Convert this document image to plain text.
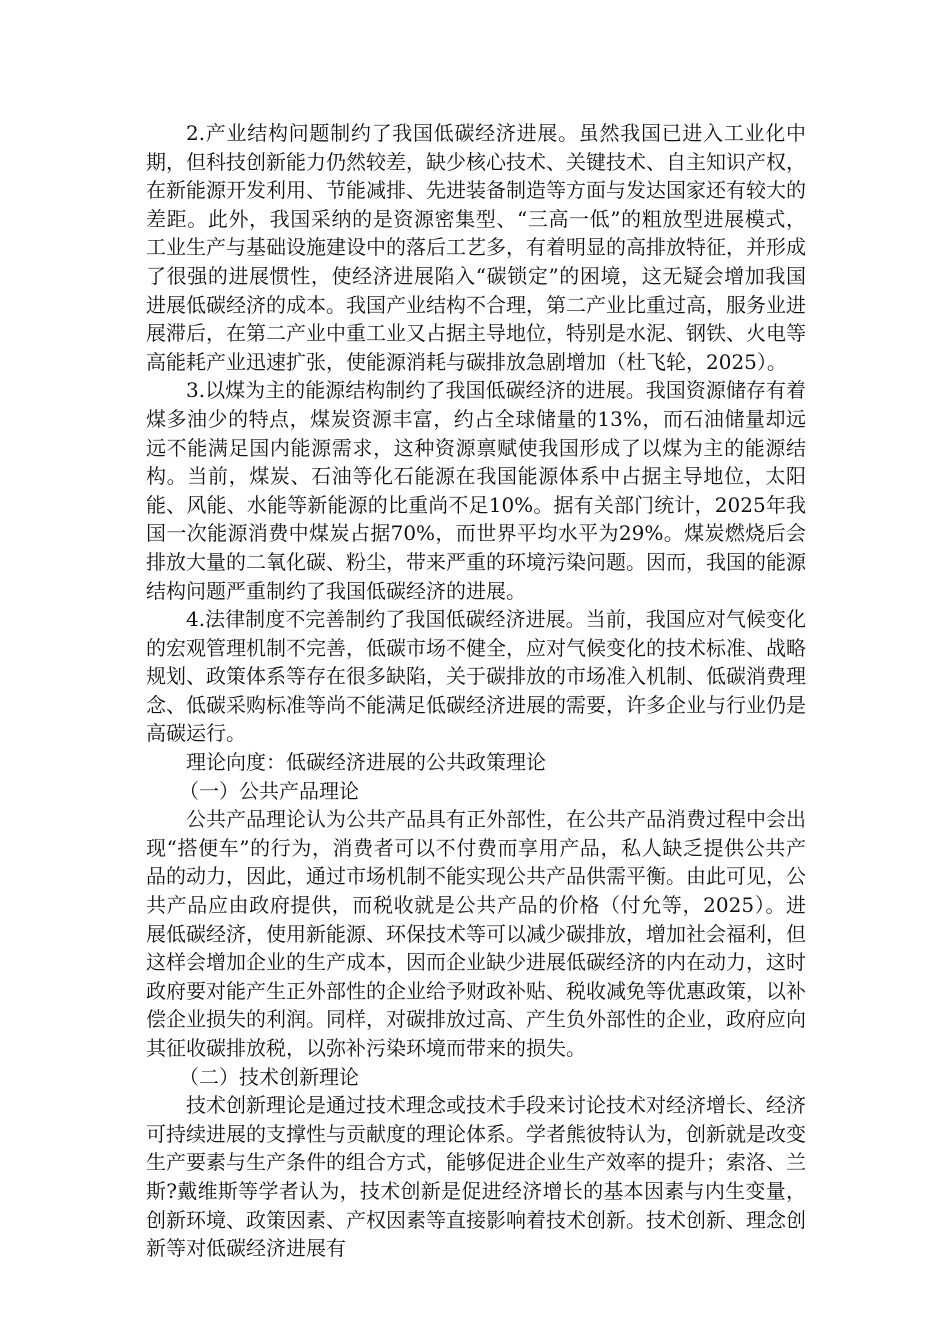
2.产业结构问题制约了我国低碳经济进展。虽然我国已进入工业化中期，但科技创新能力仍然较差，缺少核心技术、关键技术、自主知识产权，在新能源开发利用、节能减排、先进装备制造等方面与发达国家还有较大的差距。此外，我国采纳的是资源密集型、“三高一低”的粗放型进展模式，工业生产与基础设施建设中的落后工艺多，有着明显的高排放特征，并形成了很强的进展惯性，使经济进展陷入“碳锁定”的困境，这无疑会增加我国进展低碳经济的成本。我国产业结构不合理，第二产业比重过高，服务业进展滞后，在第二产业中重工业又占据主导地位，特别是水泥、钢铁、火电等高能耗产业迅速扩张，使能源消耗与碳排放急剧增加（杜飞轮，2025）。

3.以煤为主的能源结构制约了我国低碳经济的进展。我国资源储存有着煤多油少的特点，煤炭资源丰富，约占全球储量的13%，而石油储量却远远不能满足国内能源需求，这种资源禀赋使我国形成了以煤为主的能源结构。当前，煤炭、石油等化石能源在我国能源体系中占据主导地位，太阳能、风能、水能等新能源的比重尚不足10%。据有关部门统计，2025年我国一次能源消费中煤炭占据70%，而世界平均水平为29%。煤炭燃烧后会排放大量的二氧化碳、粉尘，带来严重的环境污染问题。因而，我国的能源结构问题严重制约了我国低碳经济的进展。

4.法律制度不完善制约了我国低碳经济进展。当前，我国应对气候变化的宏观管理机制不完善，低碳市场不健全，应对气候变化的技术标准、战略规划、政策体系等存在很多缺陷，关于碳排放的市场准入机制、低碳消费理念、低碳采购标准等尚不能满足低碳经济进展的需要，许多企业与行业仍是高碳运行。

理论向度：低碳经济进展的公共政策理论

（一）公共产品理论

公共产品理论认为公共产品具有正外部性，在公共产品消费过程中会出现“搭便车”的行为，消费者可以不付费而享用产品，私人缺乏提供公共产品的动力，因此，通过市场机制不能实现公共产品供需平衡。由此可见，公共产品应由政府提供，而税收就是公共产品的价格（付允等，2025）。进展低碳经济，使用新能源、环保技术等可以减少碳排放，增加社会福利，但这样会增加企业的生产成本，因而企业缺少进展低碳经济的内在动力，这时政府要对能产生正外部性的企业给予财政补贴、税收减免等优惠政策，以补偿企业损失的利润。同样，对碳排放过高、产生负外部性的企业，政府应向其征收碳排放税，以弥补污染环境而带来的损失。

（二）技术创新理论

技术创新理论是通过技术理念或技术手段来讨论技术对经济增长、经济可持续进展的支撑性与贡献度的理论体系。学者熊彼特认为，创新就是改变生产要素与生产条件的组合方式，能够促进企业生产效率的提升；索洛、兰斯?戴维斯等学者认为，技术创新是促进经济增长的基本因素与内生变量，创新环境、政策因素、产权因素等直接影响着技术创新。技术创新、理念创新等对低碳经济进展有
